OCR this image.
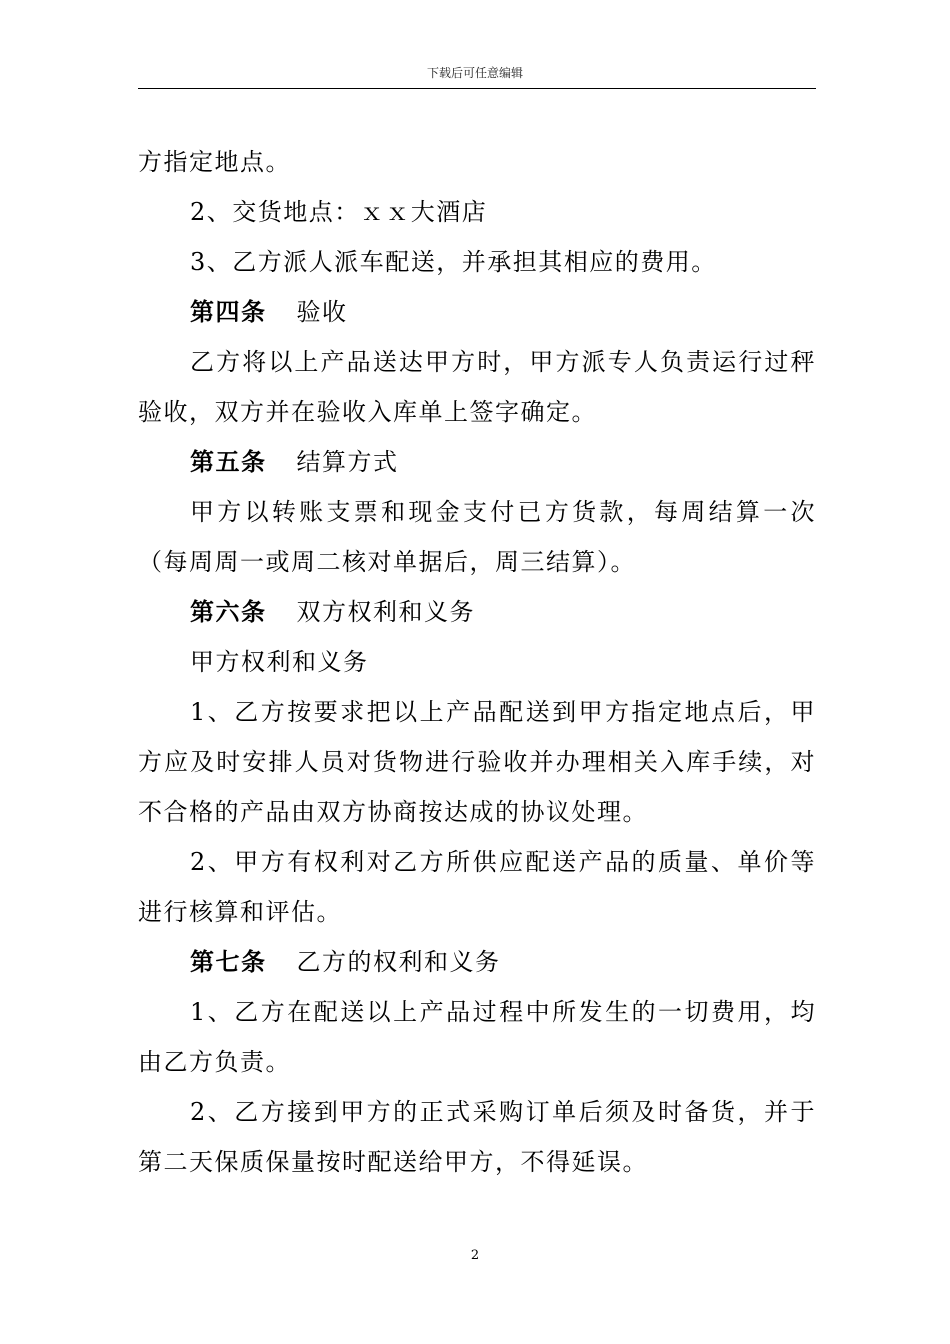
下载后可任意编辑

方指定地点。

2、交货地点：ｘｘ大酒店

3、乙方派人派车配送，并承担其相应的费用。

第四条 验收

乙方将以上产品送达甲方时，甲方派专人负责运行过秤验收，双方并在验收入库单上签字确定。

第五条 结算方式

甲方以转账支票和现金支付已方货款，每周结算一次（每周周一或周二核对单据后，周三结算）。

第六条 双方权利和义务

甲方权利和义务

1、乙方按要求把以上产品配送到甲方指定地点后，甲方应及时安排人员对货物进行验收并办理相关入库手续，对不合格的产品由双方协商按达成的协议处理。

2、甲方有权利对乙方所供应配送产品的质量、单价等进行核算和评估。

第七条 乙方的权利和义务

1、乙方在配送以上产品过程中所发生的一切费用，均由乙方负责。

2、乙方接到甲方的正式采购订单后须及时备货，并于第二天保质保量按时配送给甲方，不得延误。

2
